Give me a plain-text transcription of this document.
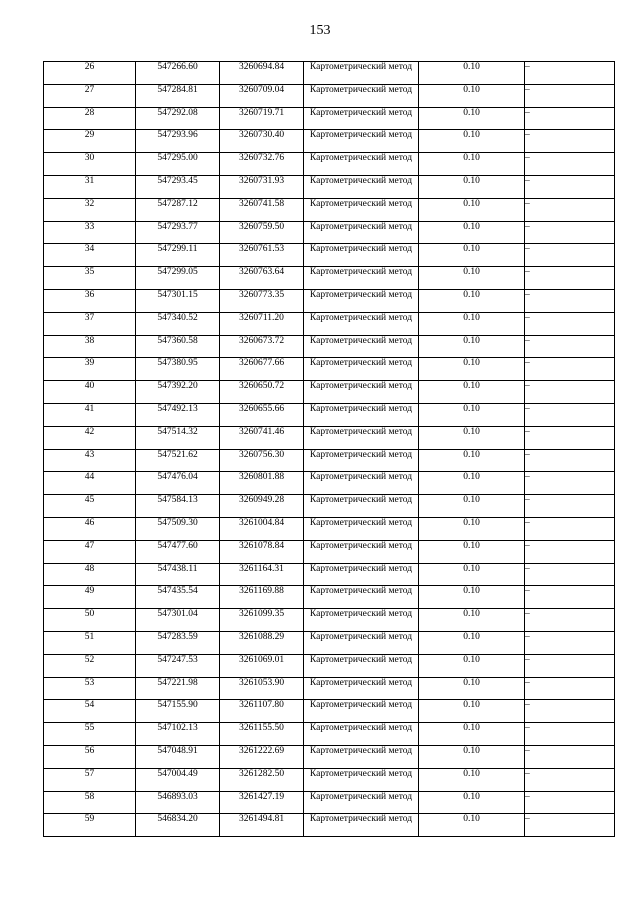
153
26	547266.60	3260694.84	Картометрический метод	0.10	–
27	547284.81	3260709.04	Картометрический метод	0.10	–
28	547292.08	3260719.71	Картометрический метод	0.10	–
29	547293.96	3260730.40	Картометрический метод	0.10	–
30	547295.00	3260732.76	Картометрический метод	0.10	–
31	547293.45	3260731.93	Картометрический метод	0.10	–
32	547287.12	3260741.58	Картометрический метод	0.10	–
33	547293.77	3260759.50	Картометрический метод	0.10	–
34	547299.11	3260761.53	Картометрический метод	0.10	–
35	547299.05	3260763.64	Картометрический метод	0.10	–
36	547301.15	3260773.35	Картометрический метод	0.10	–
37	547340.52	3260711.20	Картометрический метод	0.10	–
38	547360.58	3260673.72	Картометрический метод	0.10	–
39	547380.95	3260677.66	Картометрический метод	0.10	–
40	547392.20	3260650.72	Картометрический метод	0.10	–
41	547492.13	3260655.66	Картометрический метод	0.10	–
42	547514.32	3260741.46	Картометрический метод	0.10	–
43	547521.62	3260756.30	Картометрический метод	0.10	–
44	547476.04	3260801.88	Картометрический метод	0.10	–
45	547584.13	3260949.28	Картометрический метод	0.10	–
46	547509.30	3261004.84	Картометрический метод	0.10	–
47	547477.60	3261078.84	Картометрический метод	0.10	–
48	547438.11	3261164.31	Картометрический метод	0.10	–
49	547435.54	3261169.88	Картометрический метод	0.10	–
50	547301.04	3261099.35	Картометрический метод	0.10	–
51	547283.59	3261088.29	Картометрический метод	0.10	–
52	547247.53	3261069.01	Картометрический метод	0.10	–
53	547221.98	3261053.90	Картометрический метод	0.10	–
54	547155.90	3261107.80	Картометрический метод	0.10	–
55	547102.13	3261155.50	Картометрический метод	0.10	–
56	547048.91	3261222.69	Картометрический метод	0.10	–
57	547004.49	3261282.50	Картометрический метод	0.10	–
58	546893.03	3261427.19	Картометрический метод	0.10	–
59	546834.20	3261494.81	Картометрический метод	0.10	–
